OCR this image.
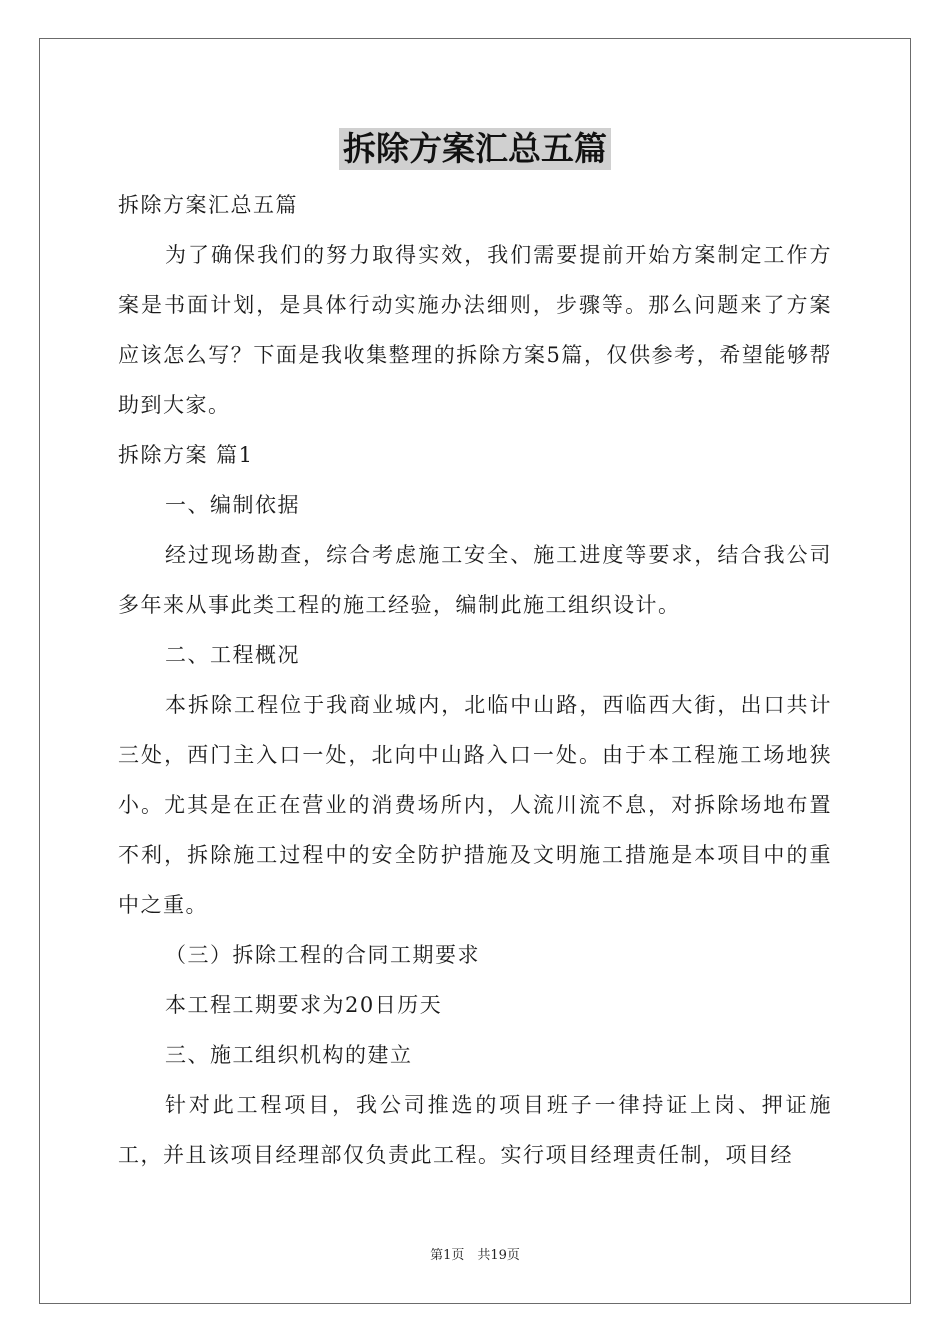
拆除方案汇总五篇

拆除方案汇总五篇

为了确保我们的努力取得实效，我们需要提前开始方案制定工作方案是书面计划，是具体行动实施办法细则，步骤等。那么问题来了方案应该怎么写？下面是我收集整理的拆除方案5篇，仅供参考，希望能够帮助到大家。

拆除方案 篇1

一、编制依据

经过现场勘查，综合考虑施工安全、施工进度等要求，结合我公司多年来从事此类工程的施工经验，编制此施工组织设计。

二、工程概况

本拆除工程位于我商业城内，北临中山路，西临西大街，出口共计三处，西门主入口一处，北向中山路入口一处。由于本工程施工场地狭小。尤其是在正在营业的消费场所内，人流川流不息，对拆除场地布置不利，拆除施工过程中的安全防护措施及文明施工措施是本项目中的重中之重。

（三）拆除工程的合同工期要求

本工程工期要求为20日历天

三、施工组织机构的建立

针对此工程项目，我公司推选的项目班子一律持证上岗、押证施工，并且该项目经理部仅负责此工程。实行项目经理责任制，项目经

第1页　共19页
